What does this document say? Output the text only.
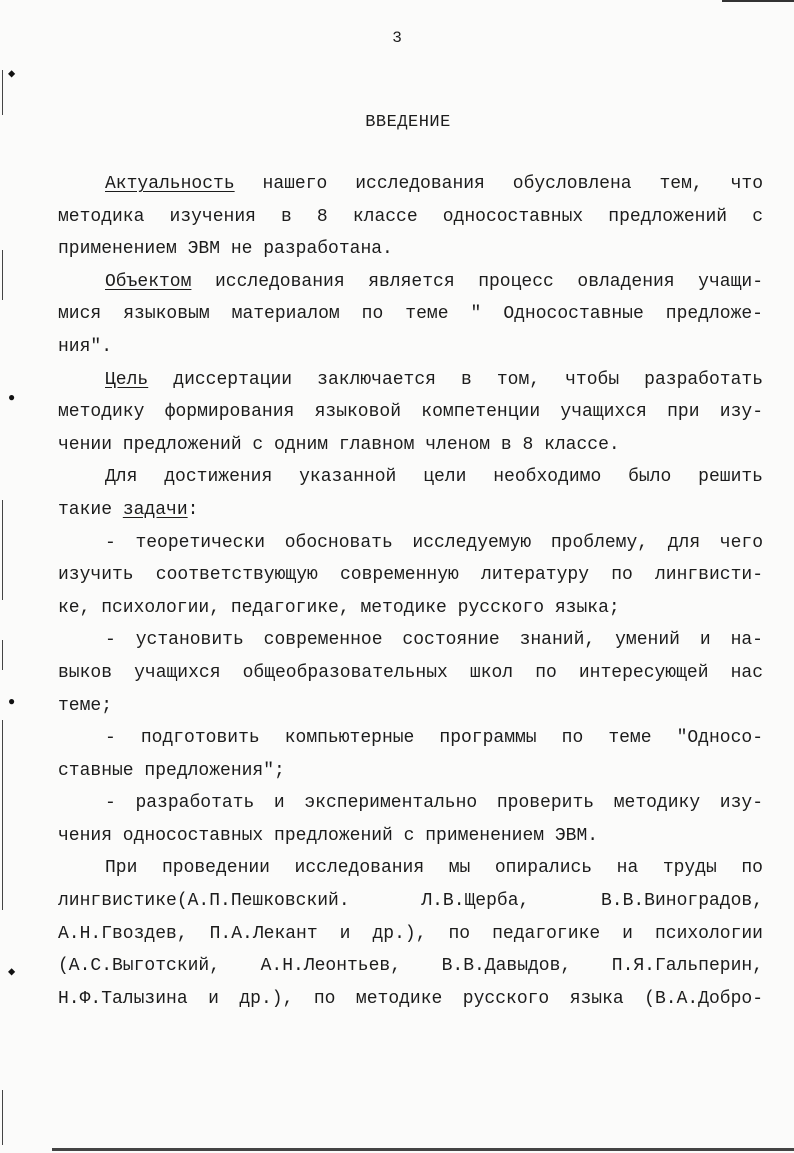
◆
●
●
◆
3
ВВЕДЕНИЕ
Актуальность нашего исследования обусловлена тем, что
методика изучения в 8 классе односоставных предложений с
применением ЭВМ не разработана.
Объектом исследования является процесс овладения учащи-
мися языковым материалом по теме " Односоставные предложе-
ния".
Цель диссертации заключается в том, чтобы разработать
методику формирования языковой компетенции учащихся при изу-
чении предложений с одним главном членом в 8 классе.
Для достижения указанной цели необходимо было решить
такие задачи:
- теоретически обосновать исследуемую проблему, для чего
изучить соответствующую современную литературу по лингвисти-
ке, психологии, педагогике, методике русского языка;
- установить современное состояние знаний, умений и на-
выков учащихся общеобразовательных школ по интересующей нас
теме;
- подготовить компьютерные программы по теме "Односо-
ставные предложения";
- разработать и экспериментально проверить методику изу-
чения односоставных предложений с применением ЭВМ.
При проведении исследования мы опирались на труды по
лингвистике(А.П.Пешковский. Л.В.Щерба, В.В.Виноградов,
А.Н.Гвоздев, П.А.Лекант и др.), по педагогике и психологии
(А.С.Выготский, А.Н.Леонтьев, В.В.Давыдов, П.Я.Гальперин,
Н.Ф.Талызина и др.), по методике русского языка (В.А.Добро-
